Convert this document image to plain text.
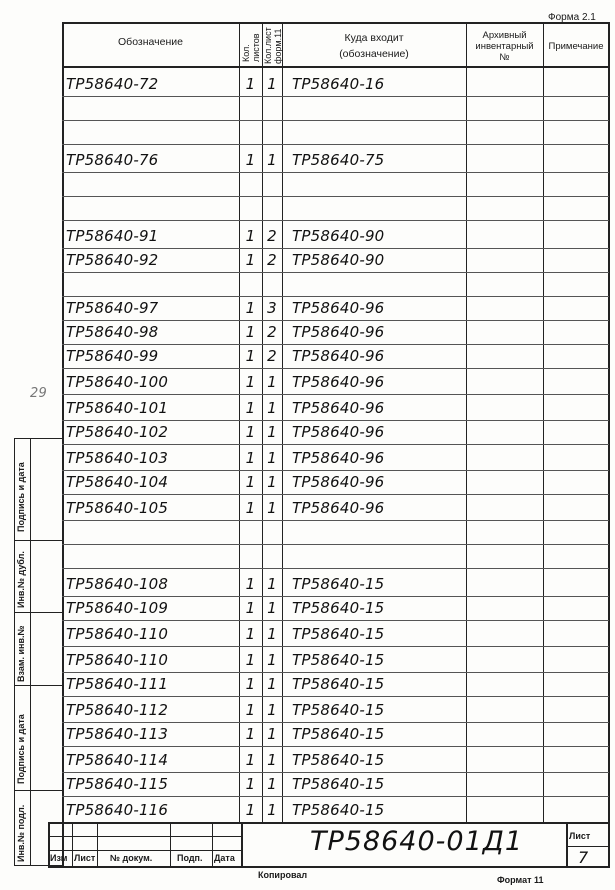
Форма 2.1
Обозначение
Кол. листов Кол.лист форм.11	Куда входит
(обозначение)
Архивный
инвентарный
№
Примечание
ТР58640-72	1 1	ТР58640-16
ТР58640-76	1 1	ТР58640-75
ТР58640-91	1 2	ТР58640-90
ТР58640-92	1 2	ТР58640-90
ТР58640-97	1 3	ТР58640-96
ТР58640-98	1 2	ТР58640-96
ТР58640-99	1 2	ТР58640-96
ТР58640-100	1 1	ТР58640-96
ТР58640-101	1 1	ТР58640-96
ТР58640-102	1 1	ТР58640-96
ТР58640-103	1 1	ТР58640-96
ТР58640-104	1 1	ТР58640-96
ТР58640-105	1 1	ТР58640-96
ТР58640-108	1 1	ТР58640-15
ТР58640-109	1 1	ТР58640-15
ТР58640-110	1 1	ТР58640-15
ТР58640-110	1 1	ТР58640-15
ТР58640-111	1 1	ТР58640-15
ТР58640-112	1 1	ТР58640-15
ТР58640-113	1 1	ТР58640-15
ТР58640-114	1 1	ТР58640-15
ТР58640-115	1 1	ТР58640-15
ТР58640-116	1 1	ТР58640-15
29
Подпись и дата
Инв.№ дубл.
Взам. инв.№
Подпись и дата
Инв.№ подл.	Изм Лист № докум.	Подп. Дата
ТР58640-01Д1	Лист
7
Копировал	Формат 11
